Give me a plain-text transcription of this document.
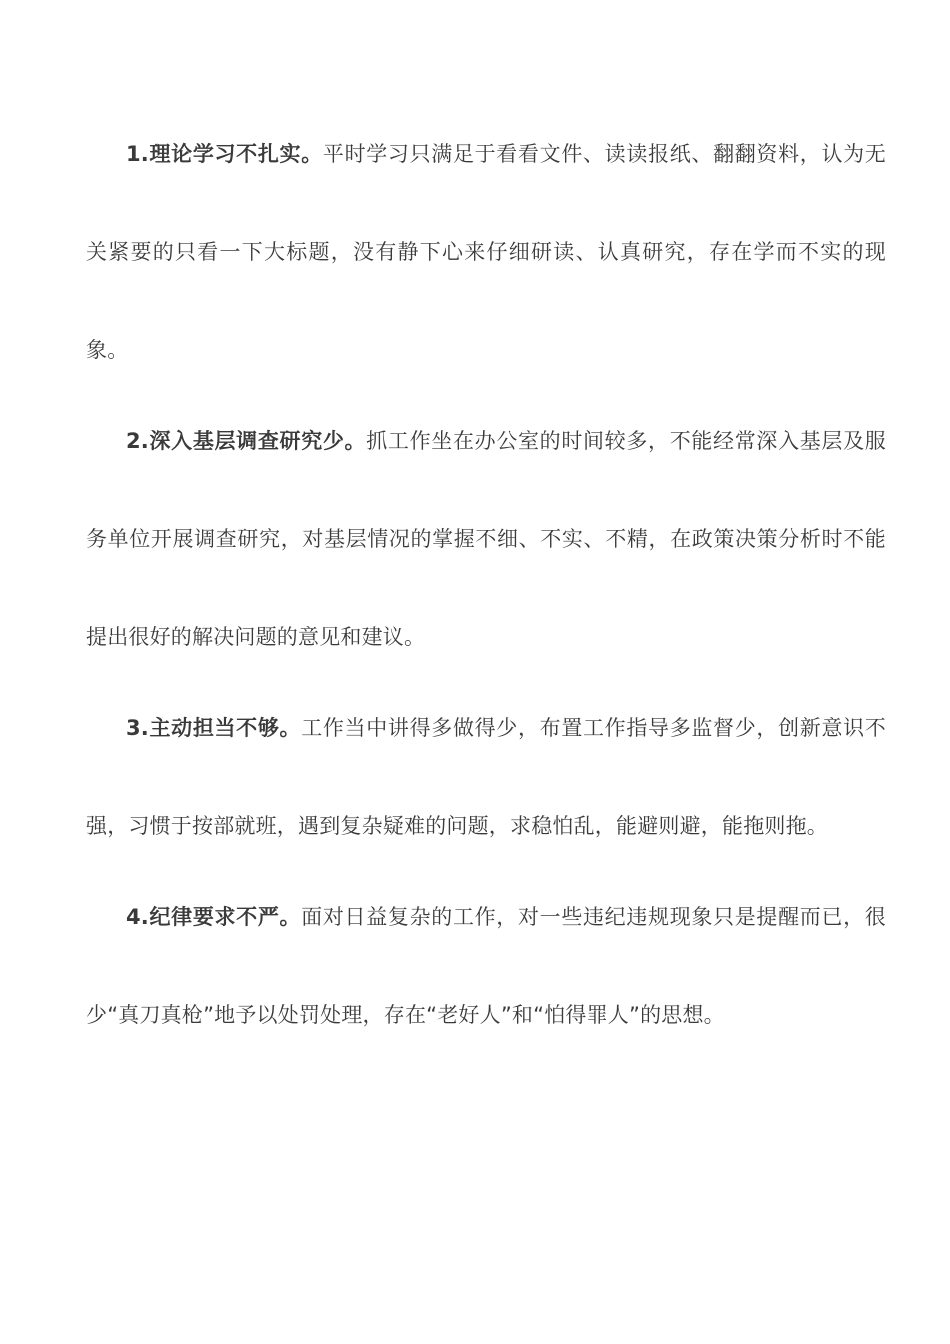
1.理论学习不扎实。平时学习只满足于看看文件、读读报纸、翻翻资料，认为无关紧要的只看一下大标题，没有静下心来仔细研读、认真研究，存在学而不实的现象。

2.深入基层调查研究少。抓工作坐在办公室的时间较多，不能经常深入基层及服务单位开展调查研究，对基层情况的掌握不细、不实、不精，在政策决策分析时不能提出很好的解决问题的意见和建议。

3.主动担当不够。工作当中讲得多做得少，布置工作指导多监督少，创新意识不强，习惯于按部就班，遇到复杂疑难的问题，求稳怕乱，能避则避，能拖则拖。

4.纪律要求不严。面对日益复杂的工作，对一些违纪违规现象只是提醒而已，很少“真刀真枪”地予以处罚处理，存在“老好人”和“怕得罪人”的思想。
